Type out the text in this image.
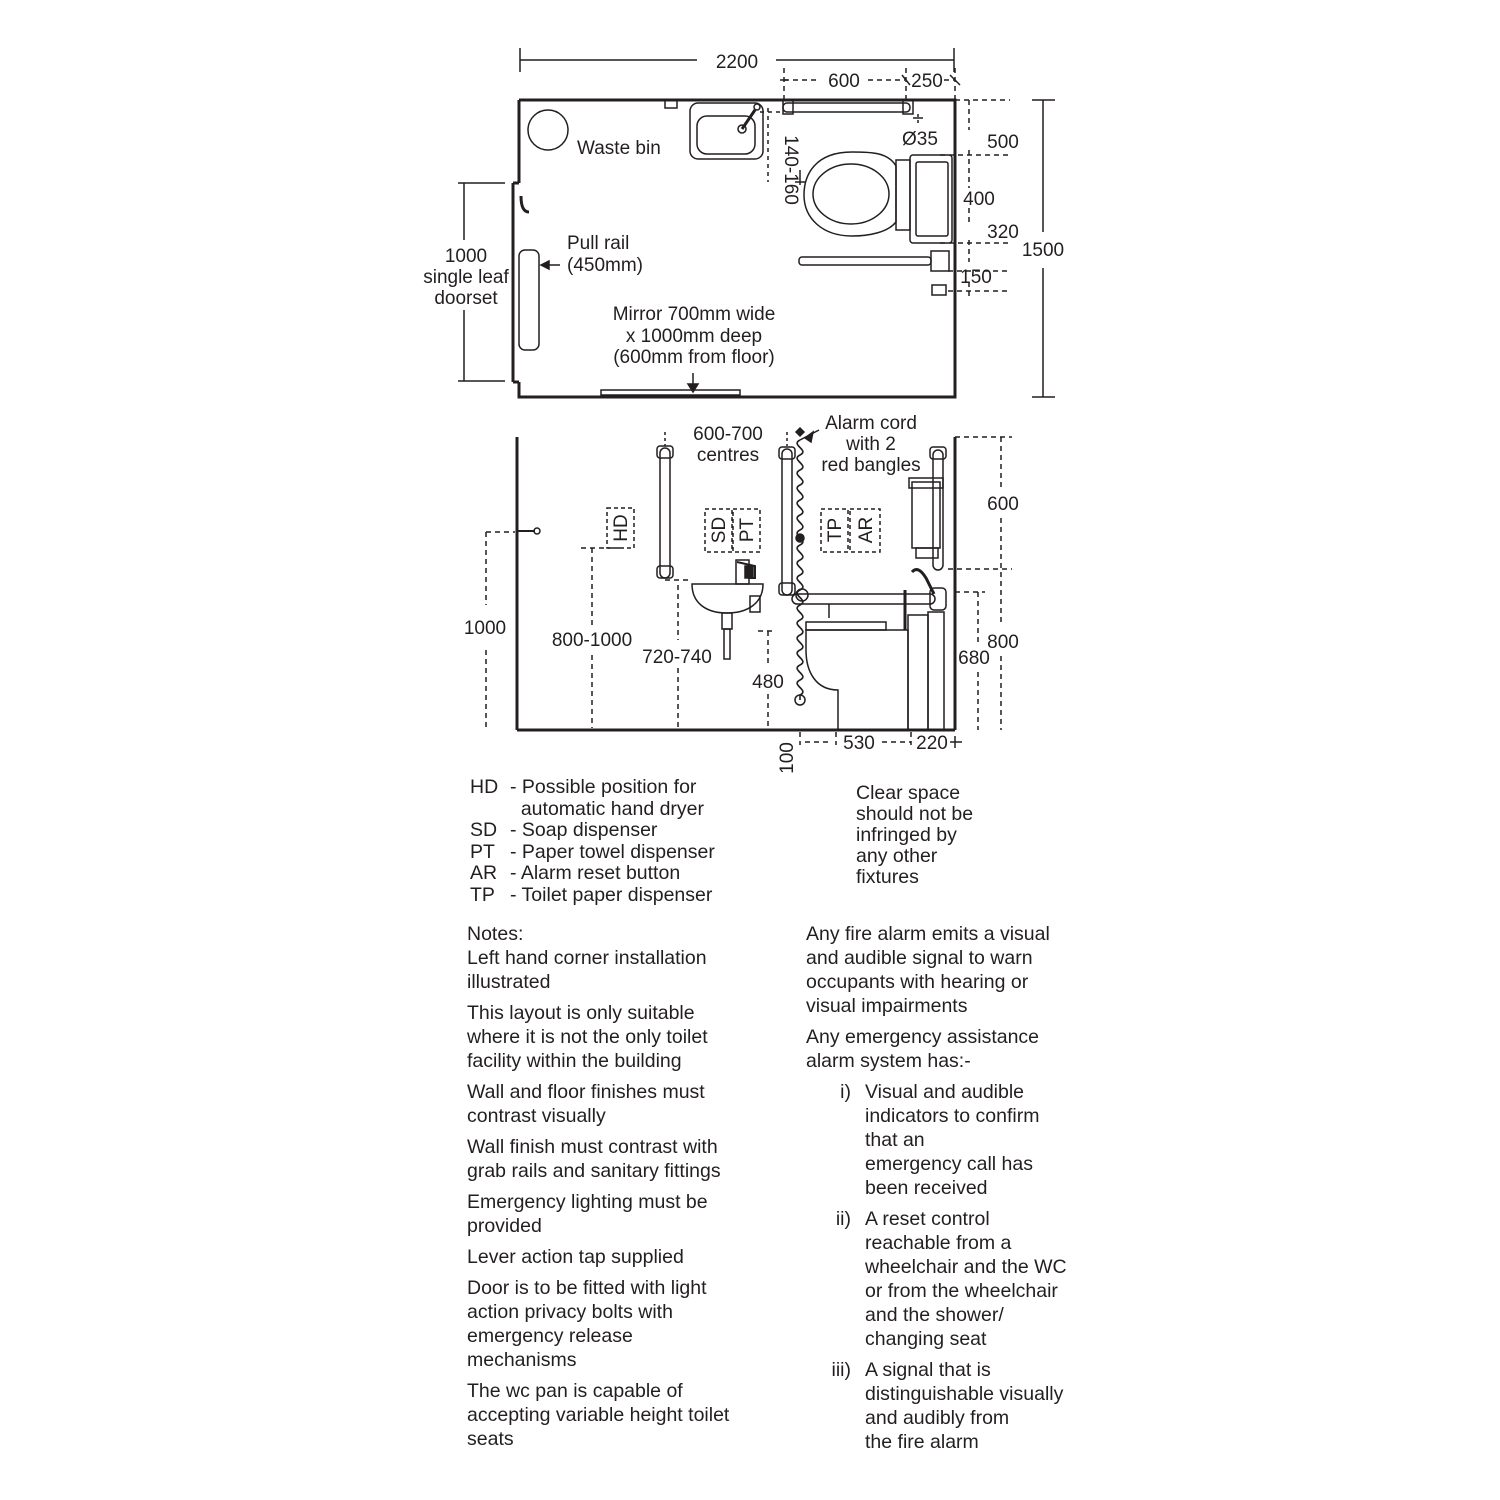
2200
600	250
Ø35
140-160	500
400
320
150
1500
Waste bin
Pull rail
(450mm)
1000
single leaf
doorset
Mirror 700mm wide
x 1000mm deep
(600mm from floor)
600-700
centres
Alarm cord
with 2
red bangles
HD	SD PT	TP AR
1000
800-1000
720-740
480
600
800
680
100 530 220
HD - Possible position for
automatic hand dryer
SD - Soap dispenser
PT - Paper towel dispenser
AR - Alarm reset button
TP - Toilet paper dispenser
Clear space
should not be
infringed by
any other
fixtures

Notes:
Left hand corner installation
illustrated

This layout is only suitable
where it is not the only toilet
facility within the building

Wall and floor finishes must
contrast visually

Wall finish must contrast with
grab rails and sanitary fittings

Emergency lighting must be
provided

Lever action tap supplied

Door is to be fitted with light
action privacy bolts with
emergency release
mechanisms

The wc pan is capable of
accepting variable height toilet
seats

Any fire alarm emits a visual
and audible signal to warn
occupants with hearing or
visual impairments

Any emergency assistance
alarm system has:-

i) Visual and audible
indicators to confirm
that an
emergency call has
been received
ii) A reset control
reachable from a
wheelchair and the WC
or from the wheelchair
and the shower/
changing seat
iii) A signal that is
distinguishable visually
and audibly from
the fire alarm
